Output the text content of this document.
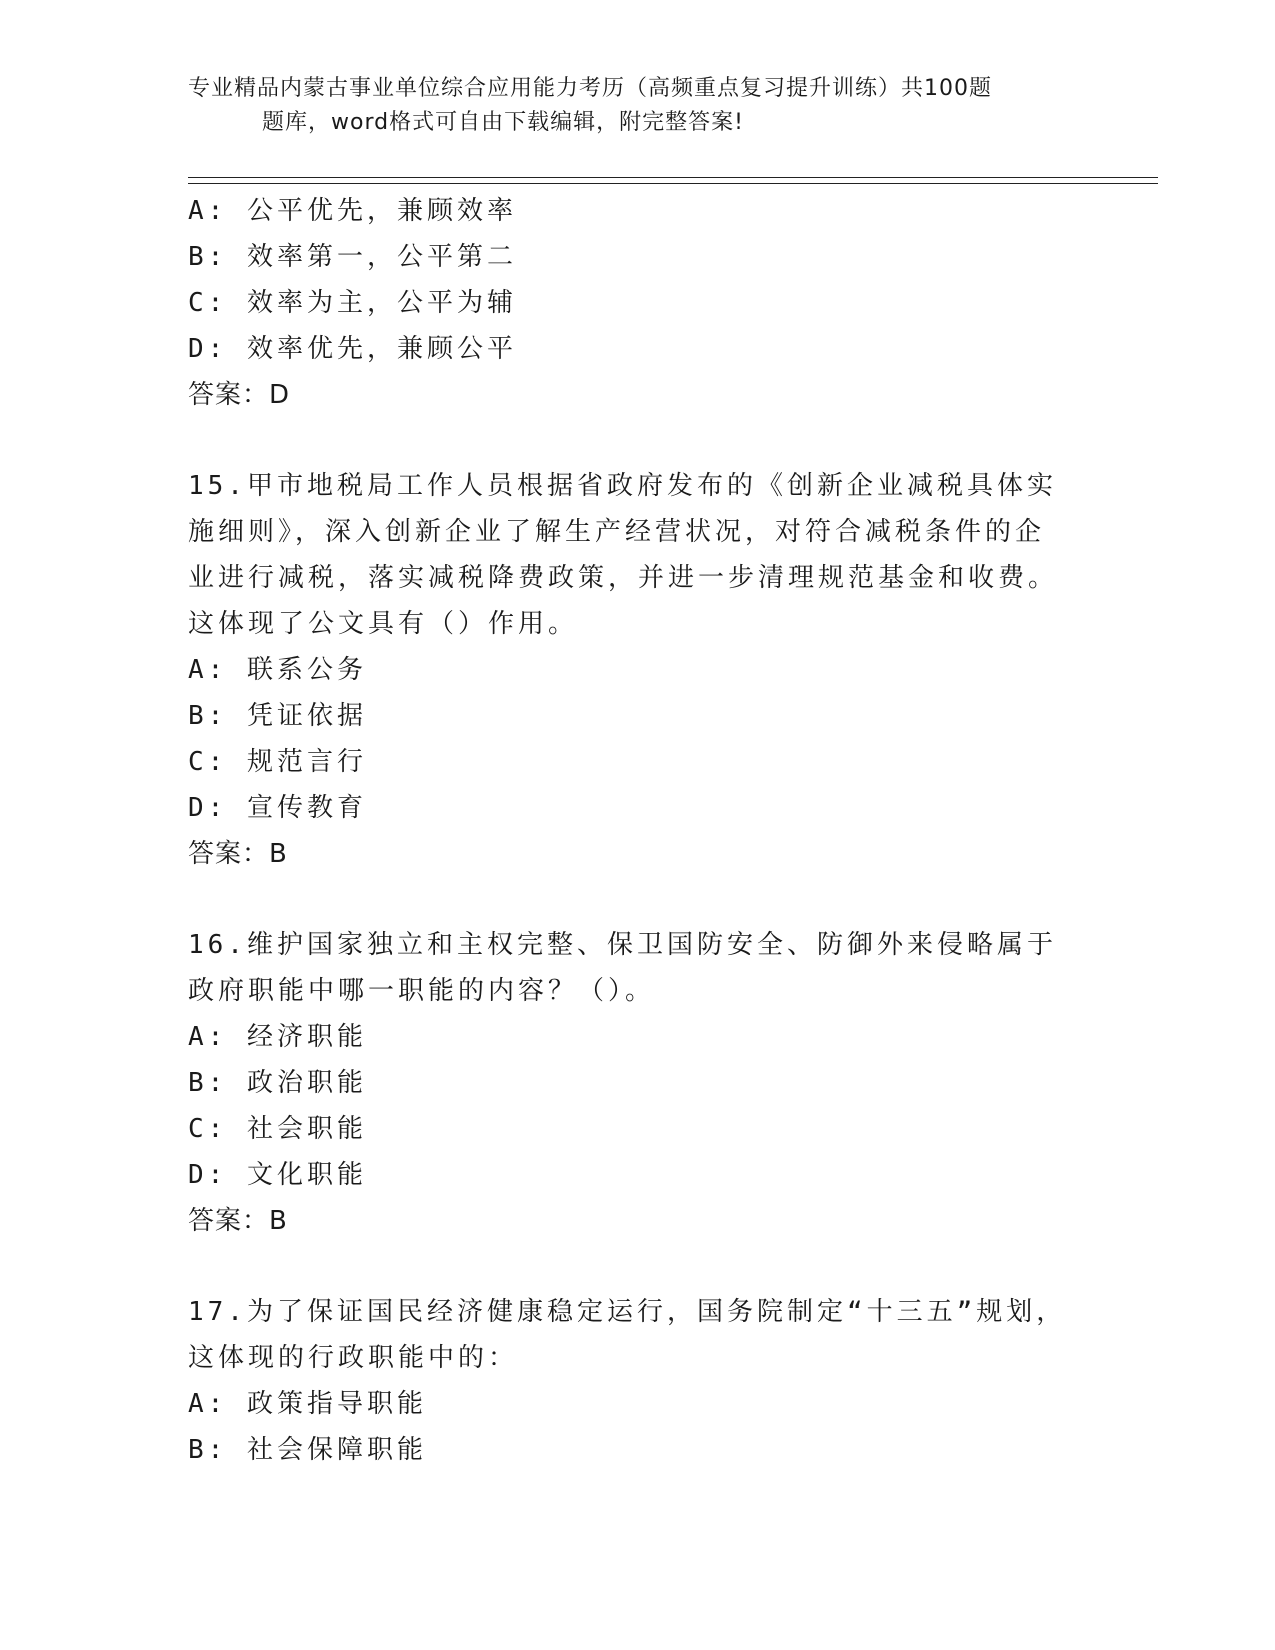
专业精品内蒙古事业单位综合应用能力考历（高频重点复习提升训练）共100题
题库，word格式可自由下载编辑，附完整答案!
A: 公平优先，兼顾效率
B: 效率第一，公平第二
C: 效率为主，公平为辅
D: 效率优先，兼顾公平
答案：D
15.甲市地税局工作人员根据省政府发布的《创新企业减税具体实施细则》，深入创新企业了解生产经营状况，对符合减税条件的企业进行减税，落实减税降费政策，并进一步清理规范基金和收费。这体现了公文具有（）作用。
A: 联系公务
B: 凭证依据
C: 规范言行
D: 宣传教育
答案：B
16.维护国家独立和主权完整、保卫国防安全、防御外来侵略属于政府职能中哪一职能的内容？（）。
A: 经济职能
B: 政治职能
C: 社会职能
D: 文化职能
答案：B
17.为了保证国民经济健康稳定运行，国务院制定“十三五”规划，这体现的行政职能中的：
A: 政策指导职能
B: 社会保障职能
